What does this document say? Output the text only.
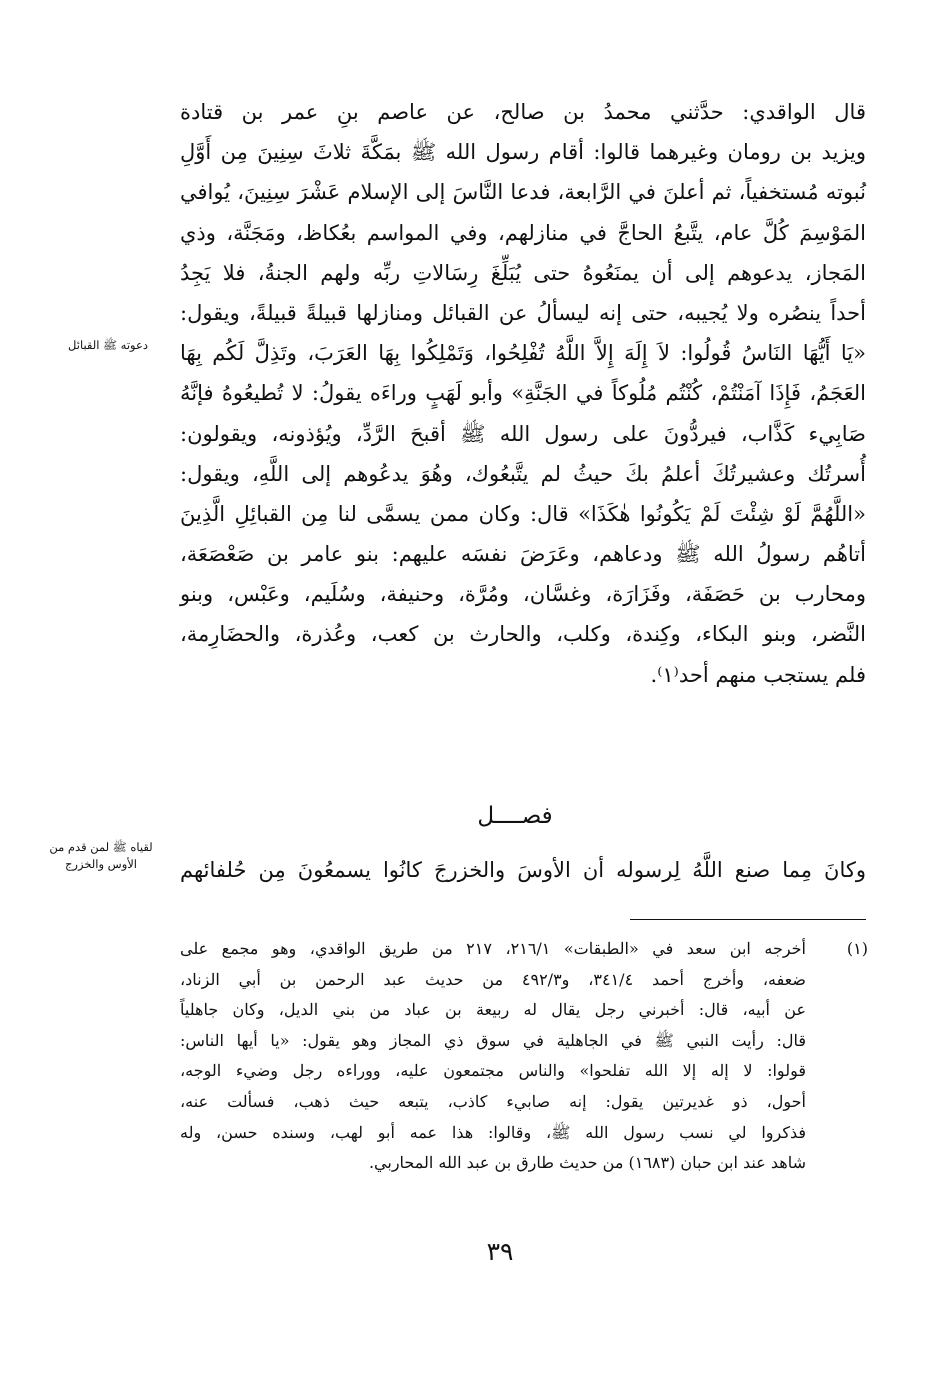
قال الواقدي: حدَّثني محمدُ بن صالح، عن عاصم بنِ عمر بن قتادة
ويزيد بن رومان وغيرهما قالوا: أقام رسول الله ﷺ بمَكَّةَ ثلاثَ سِنِينَ مِن أَوَّلِ
نُبوته مُستخفياً، ثم أعلنَ في الرَّابعة، فدعا النَّاسَ إلى الإسلام عَشْرَ سِنِينَ، يُوافي
المَوْسِمَ كُلَّ عام، يتَّبعُ الحاجَّ في منازلهم، وفي المواسم بعُكاظ، ومَجَنَّة، وذي
المَجاز، يدعوهم إلى أن يمنَعُوهُ حتى يُبَلِّغَ رِسَالاتِ ربِّه ولهم الجنةُ، فلا يَجِدُ
أحداً ينصُره ولا يُجيبه، حتى إنه ليسألُ عن القبائل ومنازلها قبيلةً قبيلةً، ويقول:
«يَا أَيُّهَا النَاسُ قُولُوا: لاَ إِلَهَ إِلاَّ اللَّهُ تُفْلِحُوا، وَتَمْلِكُوا بِهَا العَرَبَ، وتَذِلَّ لَكُم بِهَا
العَجَمُ، فَإِذَا آمَنْتُمْ، كُنْتُم مُلُوكاً في الجَنَّةِ» وأبو لَهَبٍ وراءَه يقولُ: لا تُطيعُوهُ فإنَّهُ
صَابِيء كَذَّاب، فيردُّونَ على رسول الله ﷺ أقبحَ الرَّدِّ، ويُؤذونه، ويقولون:
أُسرتُك وعشيرتُكَ أعلمُ بكَ حيثُ لم يتَّبعُوك، وهُوَ يدعُوهم إلى اللَّهِ، ويقول:
«اللَّهُمَّ لَوْ شِئْتَ لَمْ يَكُونُوا هٰكَذَا» قال: وكان ممن يسمَّى لنا مِن القبائِلِ الَّذِينَ
أتاهُم رسولُ الله ﷺ ودعاهم، وعَرَضَ نفسَه عليهم: بنو عامر بن صَعْصَعَة،
ومحارب بن حَصَفَة، وفَزَارَة، وغسَّان، ومُرَّة، وحنيفة، وسُلَيم، وعَبْس، وبنو
النَّضر، وبنو البكاء، وكِندة، وكلب، والحارث بن كعب، وعُذرة، والحضَارِمة،
فلم يستجب منهم أحد⁽١⁾.
دعوته ﷺ القبائل
لقياه ﷺ لمن قدم من
الأوس والخزرج
فصــــل
وكانَ مِما صنع اللَّهُ لِرسوله أن الأوسَ والخزرجَ كانُوا يسمعُونَ مِن حُلفائهم
(١)
أخرجه ابن سعد في «الطبقات» ٢١٦/١، ٢١٧ من طريق الواقدي، وهو مجمع على
ضعفه، وأخرج أحمد ٣٤١/٤، و٤٩٢/٣ من حديث عبد الرحمن بن أبي الزناد،
عن أبيه، قال: أخبرني رجل يقال له ربيعة بن عباد من بني الديل، وكان جاهلياً
قال: رأيت النبي ﷺ في الجاهلية في سوق ذي المجاز وهو يقول: «يا أيها الناس:
قولوا: لا إله إلا الله تفلحوا» والناس مجتمعون عليه، ووراءه رجل وضيء الوجه،
أحول، ذو غديرتين يقول: إنه صابيء كاذب، يتبعه حيث ذهب، فسألت عنه،
فذكروا لي نسب رسول الله ﷺ، وقالوا: هذا عمه أبو لهب، وسنده حسن، وله
شاهد عند ابن حبان (١٦٨٣) من حديث طارق بن عبد الله المحاربي.
٣٩
